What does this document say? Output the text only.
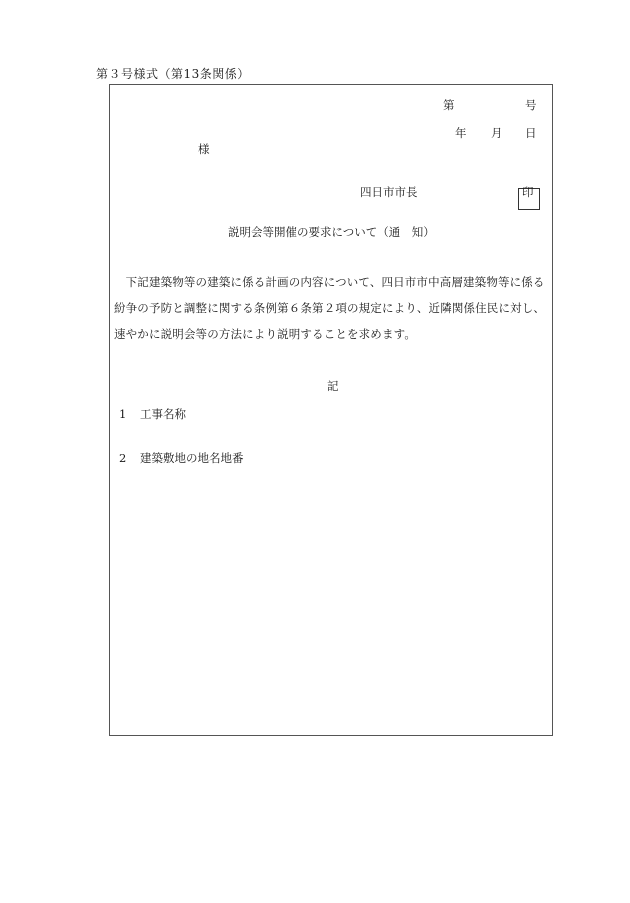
第３号様式（第13条関係）
第	号
年 月 日
様
四日市市長	印
説明会等開催の要求について（通　知）

　下記建築物等の建築に係る計画の内容について、四日市市中高層建築物等に係る

紛争の予防と調整に関する条例第６条第２項の規定により、近隣関係住民に対し、

速やかに説明会等の方法により説明することを求めます。

記
1 工事名称
2 建築敷地の地名地番
